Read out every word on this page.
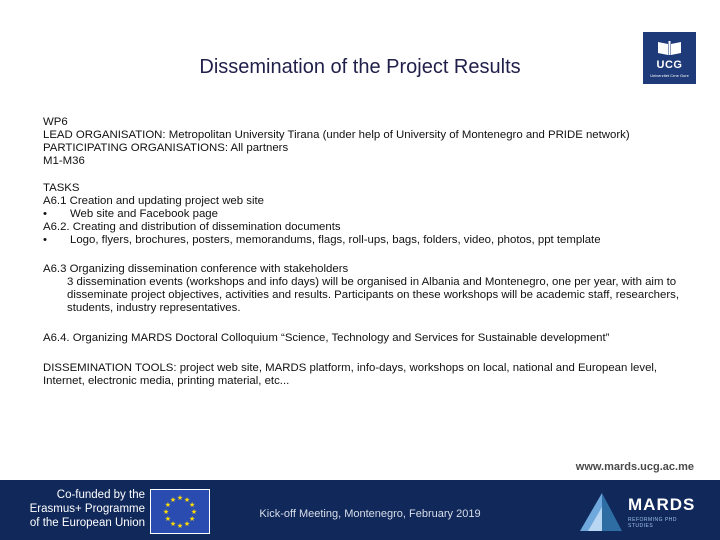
Dissemination of the Project Results	UCG
Univerzitet Crne Gore

WP6

LEAD ORGANISATION: Metropolitan University Tirana (under help of University of Montenegro and PRIDE network)

PARTICIPATING ORGANISATIONS: All partners

M1-M36

TASKS

A6.1 Creation and updating project web site

• Web site and Facebook page

A6.2. Creating and distribution of dissemination documents

• Logo, flyers, brochures, posters, memorandums, flags, roll-ups, bags, folders, video, photos, ppt template

A6.3 Organizing dissemination conference with stakeholders

3 dissemination events (workshops and info days) will be organised in Albania and Montenegro, one per year, with aim to disseminate project objectives, activities and results. Participants on these workshops will be academic staff, researchers, students, industry representatives.

A6.4. Organizing MARDS Doctoral Colloquium “Science, Technology and Services for Sustainable development”

DISSEMINATION TOOLS: project web site, MARDS platform, info-days, workshops on local, national and European level, Internet, electronic media, printing material, etc...

www.mards.ucg.ac.me
Co-funded by the
Erasmus+ Programme
of the European Union
★ ★
★
★
★
★
★
★
★
★
★
★
Kick-off Meeting, Montenegro, February 2019	MARDS
REFORMING PHD STUDIES
